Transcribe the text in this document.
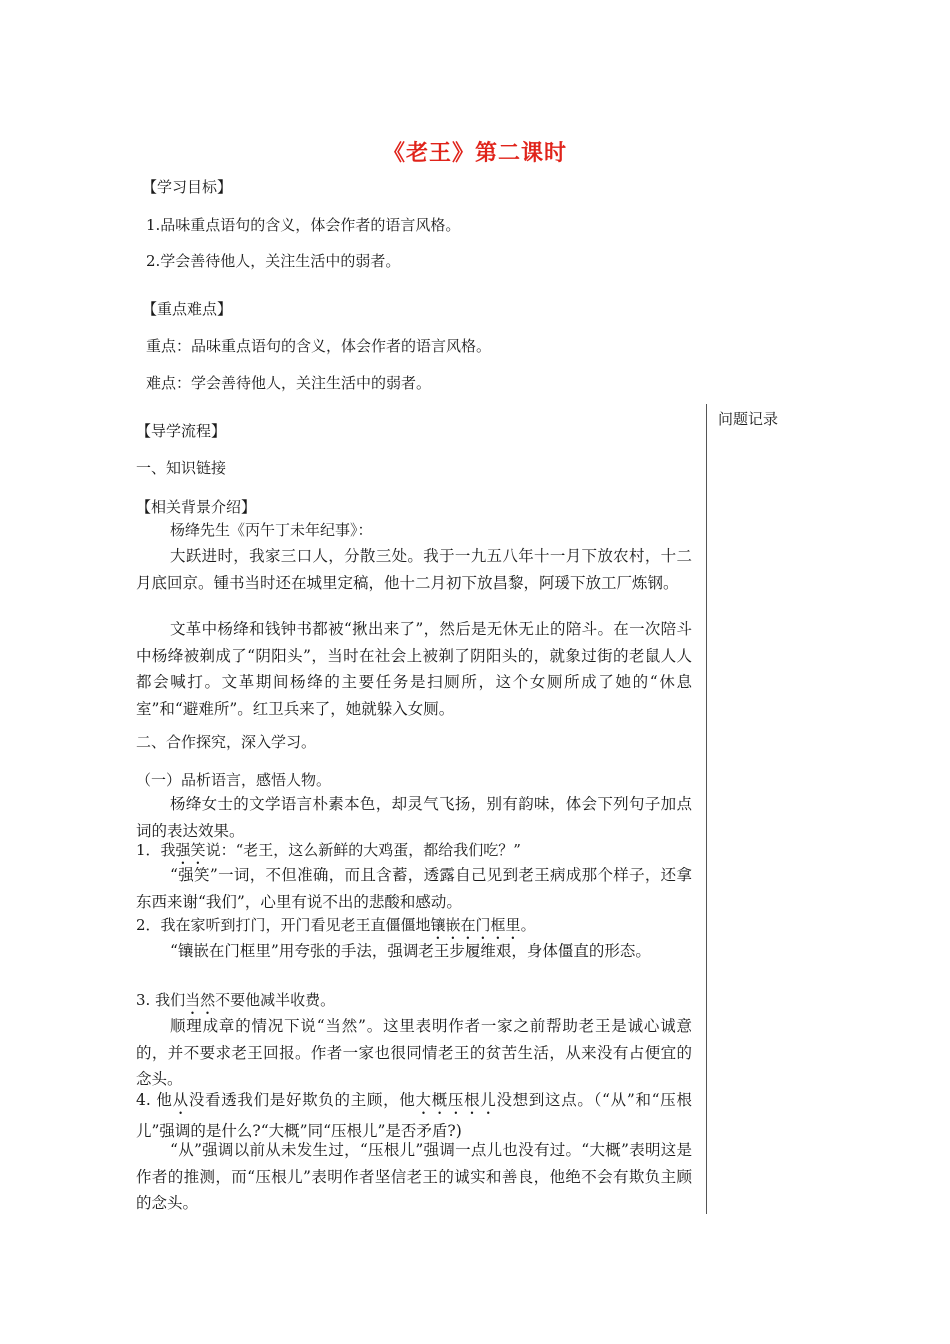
《老王》第二课时
【学习目标】
1.品味重点语句的含义，体会作者的语言风格。
2.学会善待他人，关注生活中的弱者。
【重点难点】
重点：品味重点语句的含义，体会作者的语言风格。
难点：学会善待他人，关注生活中的弱者。
问题记录
【导学流程】
一、知识链接
【相关背景介绍】
杨绛先生《丙午丁未年纪事》：
大跃进时，我家三口人，分散三处。我于一九五八年十一月下放农村，十二月底回京。锺书当时还在城里定稿，他十二月初下放昌黎，阿瑗下放工厂炼钢。
文革中杨绛和钱钟书都被“揪出来了”，然后是无休无止的陪斗。在一次陪斗中杨绛被剃成了“阴阳头”，当时在社会上被剃了阴阳头的，就象过街的老鼠人人都会喊打。文革期间杨绛的主要任务是扫厕所，这个女厕所成了她的“休息室”和“避难所”。红卫兵来了，她就躲入女厕。
二、合作探究，深入学习。
（一）品析语言，感悟人物。
杨绛女士的文学语言朴素本色，却灵气飞扬，别有韵味，体会下列句子加点词的表达效果。
1．我强笑说：“老王，这么新鲜的大鸡蛋，都给我们吃？”
“强笑”一词，不但准确，而且含蓄，透露自己见到老王病成那个样子，还拿东西来谢“我们”，心里有说不出的悲酸和感动。
2．我在家听到打门，开门看见老王直僵僵地镶嵌在门框里。
“镶嵌在门框里”用夸张的手法，强调老王步履维艰，身体僵直的形态。
3. 我们当然不要他减半收费。
顺理成章的情况下说“当然”。这里表明作者一家之前帮助老王是诚心诚意的，并不要求老王回报。作者一家也很同情老王的贫苦生活，从来没有占便宜的念头。
4. 他从没看透我们是好欺负的主顾，他大概压根儿没想到这点。（“从”和“压根儿”强调的是什么?“大概”同“压根儿”是否矛盾?)
“从”强调以前从未发生过，“压根儿”强调一点儿也没有过。“大概”表明这是作者的推测，而“压根儿”表明作者坚信老王的诚实和善良，他绝不会有欺负主顾的念头。
